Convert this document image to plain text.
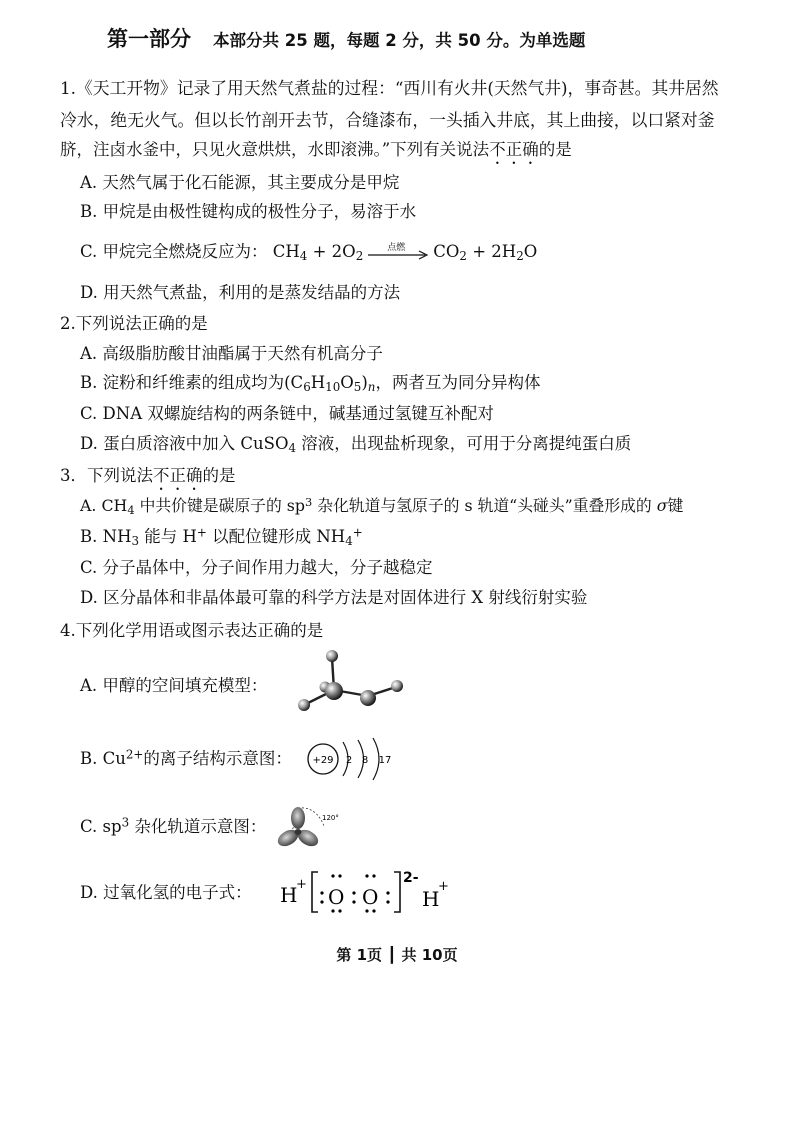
第一部分 本部分共 25 题，每题 2 分，共 50 分。为单选题
1.《天工开物》记录了用天然气煮盐的过程：“西川有火井(天然气井)，事奇甚。其井居然
冷水，绝无火气。但以长竹剖开去节，合缝漆布，一头插入井底，其上曲接，以口紧对釜
脐，注卤水釜中，只见火意烘烘，水即滚沸。”下列有关说法不正确的是
A. 天然气属于化石能源，其主要成分是甲烷
B. 甲烷是由极性键构成的极性分子，易溶于水
C. 甲烷完全燃烧反应为： $CH_4 + 2O_2$
点燃 $CO_2 + 2H_2O$
D. 用天然气煮盐，利用的是蒸发结晶的方法
2.下列说法正确的是
A. 高级脂肪酸甘油酯属于天然有机高分子
B. 淀粉和纤维素的组成均为$(C_6H_{10}O_5)_n$，两者互为同分异构体
C. DNA 双螺旋结构的两条链中，碱基通过氢键互补配对
D. 蛋白质溶液中加入 CuSO$_4$ 溶液，出现盐析现象，可用于分离提纯蛋白质
3．下列说法不正确的是
A. $CH_4$ 中共价键是碳原子的 $sp^3$ 杂化轨道与氢原子的 s 轨道“头碰头”重叠形成的 σ键
B. $NH_3$ 能与 H+ 以配位键形成 $NH_4^+$
C. 分子晶体中，分子间作用力越大，分子越稳定
D. 区分晶体和非晶体最可靠的科学方法是对固体进行 X 射线衍射实验
4.下列化学用语或图示表达正确的是
A. 甲醇的空间填充模型：
B. $Cu^{2+}$的离子结构示意图： +29 2 8 17
C. $sp^3$ 杂化轨道示意图：	120°
D. 过氧化氢的电子式： H
+
O O
2-
H
+
第 1页 ┃ 共 10页
